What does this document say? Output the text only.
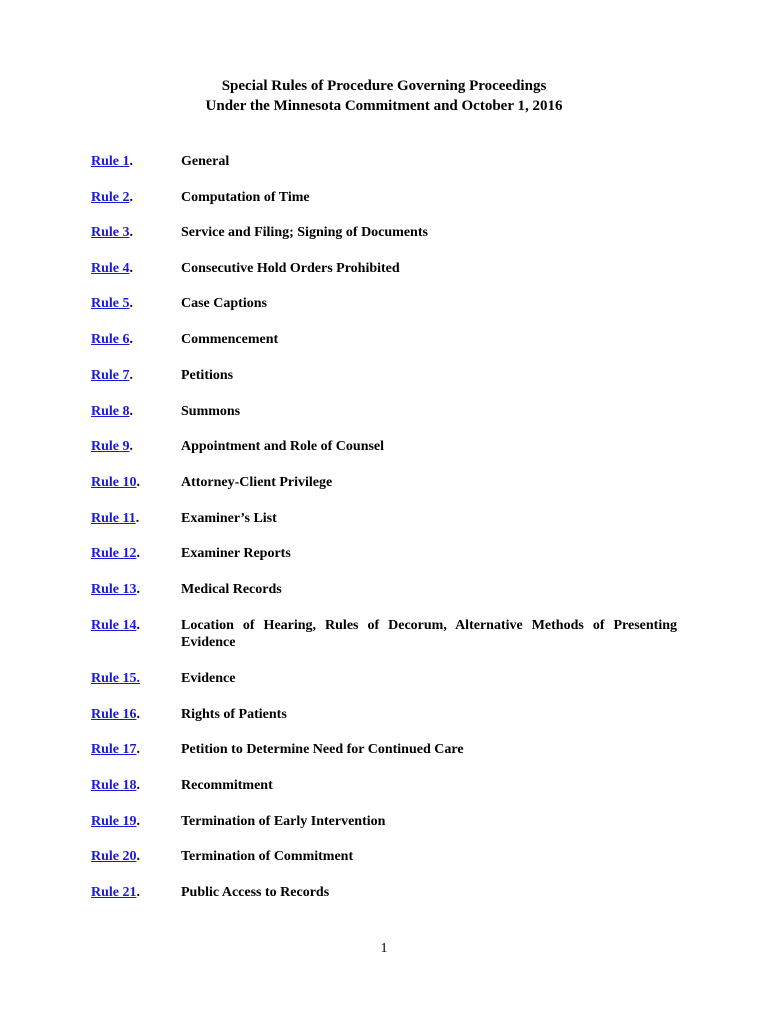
Special Rules of Procedure Governing Proceedings
Under the Minnesota Commitment and October 1, 2016
Rule 1.	General
Rule 2.	Computation of Time
Rule 3.	Service and Filing; Signing of Documents
Rule 4.	Consecutive Hold Orders Prohibited
Rule 5.	Case Captions
Rule 6.	Commencement
Rule 7.	Petitions
Rule 8.	Summons
Rule 9.	Appointment and Role of Counsel
Rule 10.	Attorney-Client Privilege
Rule 11.	Examiner’s List
Rule 12.	Examiner Reports
Rule 13.	Medical Records
Rule 14.	Location of Hearing, Rules of Decorum, Alternative Methods of Presenting Evidence
Rule 15.	Evidence
Rule 16.	Rights of Patients
Rule 17.	Petition to Determine Need for Continued Care
Rule 18.	Recommitment
Rule 19.	Termination of Early Intervention
Rule 20.	Termination of Commitment
Rule 21.	Public Access to Records
1
